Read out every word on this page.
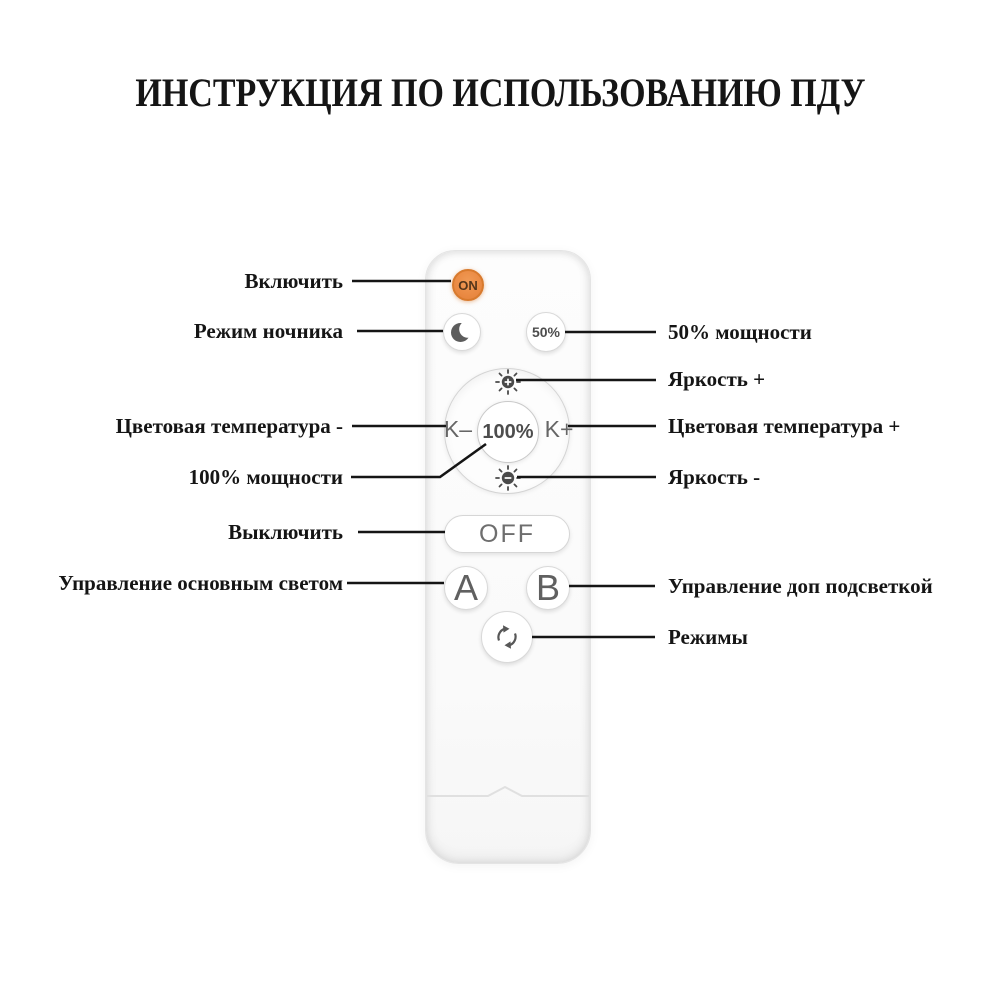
ИНСТРУКЦИЯ ПО ИСПОЛЬЗОВАНИЮ ПДУ
ON
50%
K– 100% K+
OFF
A B
Включить
Режим ночника
Цветовая температура -
100% мощности
Выключить
Управление основным светом
50% мощности
Яркость +
Цветовая температура +
Яркость -
Управление доп подсветкой
Режимы
